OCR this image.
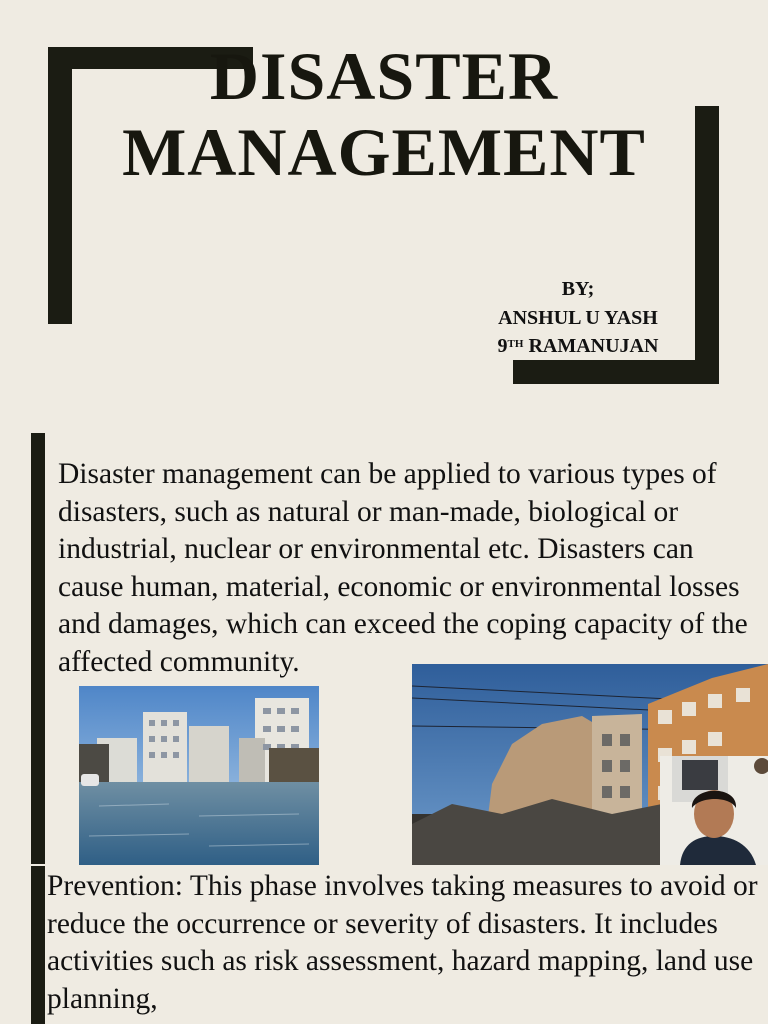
DISASTER
MANAGEMENT
BY;
ANSHUL U YASH
9TH RAMANUJAN
Disaster management can be applied to various types of disasters, such as natural or man-made, biological or industrial, nuclear or environmental etc. Disasters can cause human, material, economic or environmental losses and damages, which can exceed the coping capacity of the affected community.
Prevention: This phase involves taking measures to avoid or reduce the occurrence or severity of disasters. It includes activities such as risk assessment, hazard mapping, land use planning,
